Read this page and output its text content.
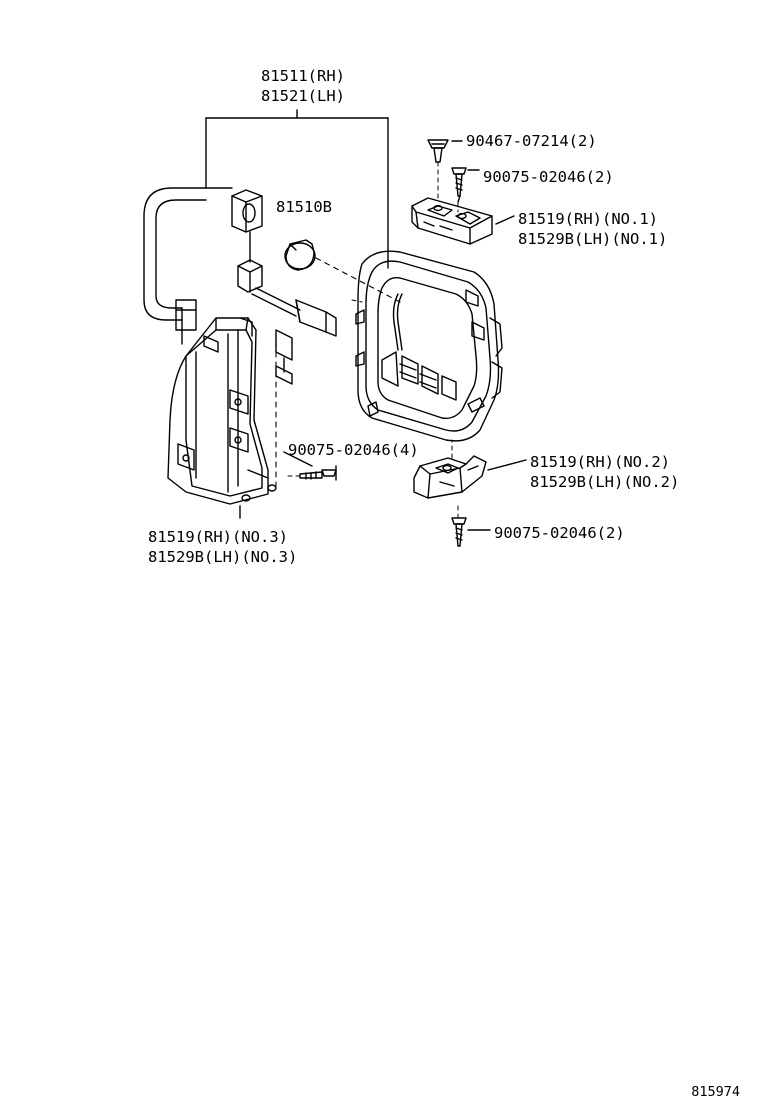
81511(RH)
81521(LH)
81510B
90467-07214(2)
90075-02046(2)
81519(RH)(NO.1)
81529B(LH)(NO.1)
90075-02046(4)
81519(RH)(NO.2)
81529B(LH)(NO.2)
90075-02046(2)
81519(RH)(NO.3)
81529B(LH)(NO.3)
815974
